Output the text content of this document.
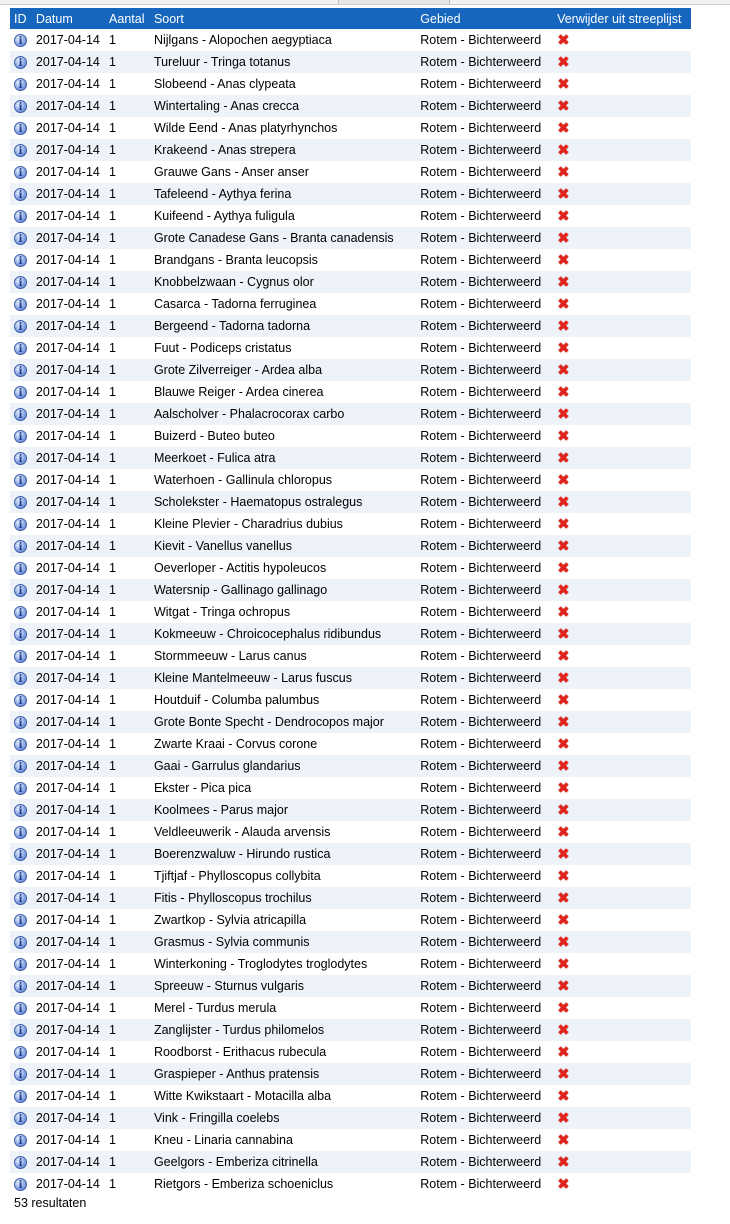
ID	Datum	Aantal	Soort	Gebied	Verwijder uit streeplijst
i	2017-04-14	1	Nijlgans - Alopochen aegyptiaca	Rotem - Bichterweerd	✖
i	2017-04-14	1	Tureluur - Tringa totanus	Rotem - Bichterweerd	✖
i	2017-04-14	1	Slobeend - Anas clypeata	Rotem - Bichterweerd	✖
i	2017-04-14	1	Wintertaling - Anas crecca	Rotem - Bichterweerd	✖
i	2017-04-14	1	Wilde Eend - Anas platyrhynchos	Rotem - Bichterweerd	✖
i	2017-04-14	1	Krakeend - Anas strepera	Rotem - Bichterweerd	✖
i	2017-04-14	1	Grauwe Gans - Anser anser	Rotem - Bichterweerd	✖
i	2017-04-14	1	Tafeleend - Aythya ferina	Rotem - Bichterweerd	✖
i	2017-04-14	1	Kuifeend - Aythya fuligula	Rotem - Bichterweerd	✖
i	2017-04-14	1	Grote Canadese Gans - Branta canadensis	Rotem - Bichterweerd	✖
i	2017-04-14	1	Brandgans - Branta leucopsis	Rotem - Bichterweerd	✖
i	2017-04-14	1	Knobbelzwaan - Cygnus olor	Rotem - Bichterweerd	✖
i	2017-04-14	1	Casarca - Tadorna ferruginea	Rotem - Bichterweerd	✖
i	2017-04-14	1	Bergeend - Tadorna tadorna	Rotem - Bichterweerd	✖
i	2017-04-14	1	Fuut - Podiceps cristatus	Rotem - Bichterweerd	✖
i	2017-04-14	1	Grote Zilverreiger - Ardea alba	Rotem - Bichterweerd	✖
i	2017-04-14	1	Blauwe Reiger - Ardea cinerea	Rotem - Bichterweerd	✖
i	2017-04-14	1	Aalscholver - Phalacrocorax carbo	Rotem - Bichterweerd	✖
i	2017-04-14	1	Buizerd - Buteo buteo	Rotem - Bichterweerd	✖
i	2017-04-14	1	Meerkoet - Fulica atra	Rotem - Bichterweerd	✖
i	2017-04-14	1	Waterhoen - Gallinula chloropus	Rotem - Bichterweerd	✖
i	2017-04-14	1	Scholekster - Haematopus ostralegus	Rotem - Bichterweerd	✖
i	2017-04-14	1	Kleine Plevier - Charadrius dubius	Rotem - Bichterweerd	✖
i	2017-04-14	1	Kievit - Vanellus vanellus	Rotem - Bichterweerd	✖
i	2017-04-14	1	Oeverloper - Actitis hypoleucos	Rotem - Bichterweerd	✖
i	2017-04-14	1	Watersnip - Gallinago gallinago	Rotem - Bichterweerd	✖
i	2017-04-14	1	Witgat - Tringa ochropus	Rotem - Bichterweerd	✖
i	2017-04-14	1	Kokmeeuw - Chroicocephalus ridibundus	Rotem - Bichterweerd	✖
i	2017-04-14	1	Stormmeeuw - Larus canus	Rotem - Bichterweerd	✖
i	2017-04-14	1	Kleine Mantelmeeuw - Larus fuscus	Rotem - Bichterweerd	✖
i	2017-04-14	1	Houtduif - Columba palumbus	Rotem - Bichterweerd	✖
i	2017-04-14	1	Grote Bonte Specht - Dendrocopos major	Rotem - Bichterweerd	✖
i	2017-04-14	1	Zwarte Kraai - Corvus corone	Rotem - Bichterweerd	✖
i	2017-04-14	1	Gaai - Garrulus glandarius	Rotem - Bichterweerd	✖
i	2017-04-14	1	Ekster - Pica pica	Rotem - Bichterweerd	✖
i	2017-04-14	1	Koolmees - Parus major	Rotem - Bichterweerd	✖
i	2017-04-14	1	Veldleeuwerik - Alauda arvensis	Rotem - Bichterweerd	✖
i	2017-04-14	1	Boerenzwaluw - Hirundo rustica	Rotem - Bichterweerd	✖
i	2017-04-14	1	Tjiftjaf - Phylloscopus collybita	Rotem - Bichterweerd	✖
i	2017-04-14	1	Fitis - Phylloscopus trochilus	Rotem - Bichterweerd	✖
i	2017-04-14	1	Zwartkop - Sylvia atricapilla	Rotem - Bichterweerd	✖
i	2017-04-14	1	Grasmus - Sylvia communis	Rotem - Bichterweerd	✖
i	2017-04-14	1	Winterkoning - Troglodytes troglodytes	Rotem - Bichterweerd	✖
i	2017-04-14	1	Spreeuw - Sturnus vulgaris	Rotem - Bichterweerd	✖
i	2017-04-14	1	Merel - Turdus merula	Rotem - Bichterweerd	✖
i	2017-04-14	1	Zanglijster - Turdus philomelos	Rotem - Bichterweerd	✖
i	2017-04-14	1	Roodborst - Erithacus rubecula	Rotem - Bichterweerd	✖
i	2017-04-14	1	Graspieper - Anthus pratensis	Rotem - Bichterweerd	✖
i	2017-04-14	1	Witte Kwikstaart - Motacilla alba	Rotem - Bichterweerd	✖
i	2017-04-14	1	Vink - Fringilla coelebs	Rotem - Bichterweerd	✖
i	2017-04-14	1	Kneu - Linaria cannabina	Rotem - Bichterweerd	✖
i	2017-04-14	1	Geelgors - Emberiza citrinella	Rotem - Bichterweerd	✖
i	2017-04-14	1	Rietgors - Emberiza schoeniclus	Rotem - Bichterweerd	✖
53 resultaten
